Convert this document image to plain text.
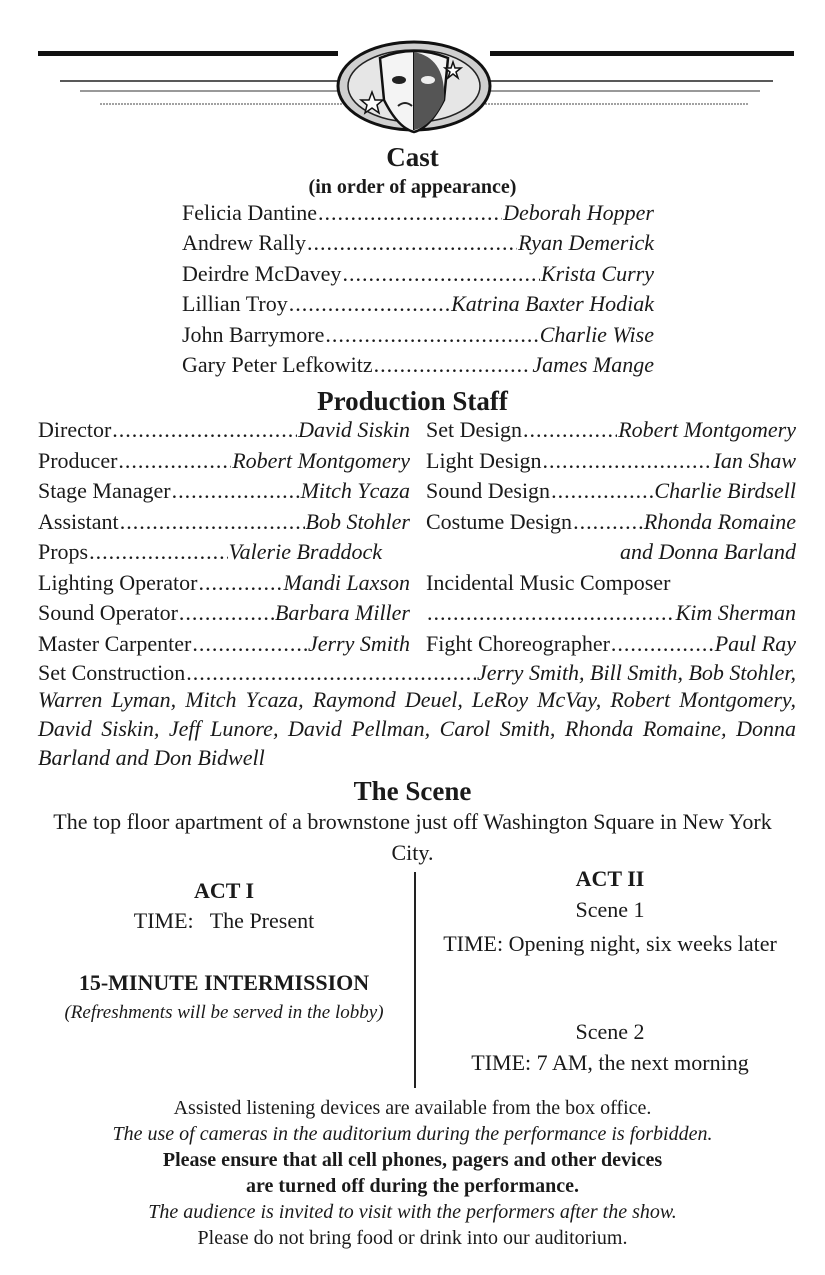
Cast
(in order of appearance)
Felicia Dantine .....	Deborah Hopper
Andrew Rally .....	Ryan Demerick
Deirdre McDavey .....	Krista Curry
Lillian Troy .....	Katrina Baxter Hodiak
John Barrymore .....	Charlie Wise
Gary Peter Lefkowitz .....	James Mange
Production Staff
Director .....	David Siskin
Producer .....	Robert Montgomery
Stage Manager .....	Mitch Ycaza
Assistant .....	Bob Stohler
Props .....	Valerie Braddock
Lighting Operator .....	Mandi Laxson
Sound Operator .....	Barbara Miller
Master Carpenter .....	Jerry Smith
Set Design .....	Robert Montgomery
Light Design .....	Ian Shaw
Sound Design .....	Charlie Birdsell
Costume Design .....	Rhonda Romaine
and Donna Barland
Incidental Music Composer
.....
Kim Sherman
Fight Choreographer .....	Paul Ray
Set Construction .....	Jerry Smith, Bill Smith, Bob Stohler,
Warren Lyman, Mitch Ycaza, Raymond Deuel, LeRoy McVay, Robert Montgomery, David Siskin, Jeff Lunore, David Pellman, Carol Smith, Rhonda Romaine, Donna Barland and Don Bidwell
The Scene
The top floor apartment of a brownstone just off Washington Square in New York City.
ACT I
TIME:   The Present
15-MINUTE INTERMISSION
(Refreshments will be served in the lobby)
ACT II
Scene 1
TIME: Opening night, six weeks later
Scene 2
TIME: 7 AM, the next morning
Assisted listening devices are available from the box office.
The use of cameras in the auditorium during the performance is forbidden.
Please ensure that all cell phones, pagers and other devices
are turned off during the performance.
The audience is invited to visit with the performers after the show.
Please do not bring food or drink into our auditorium.
